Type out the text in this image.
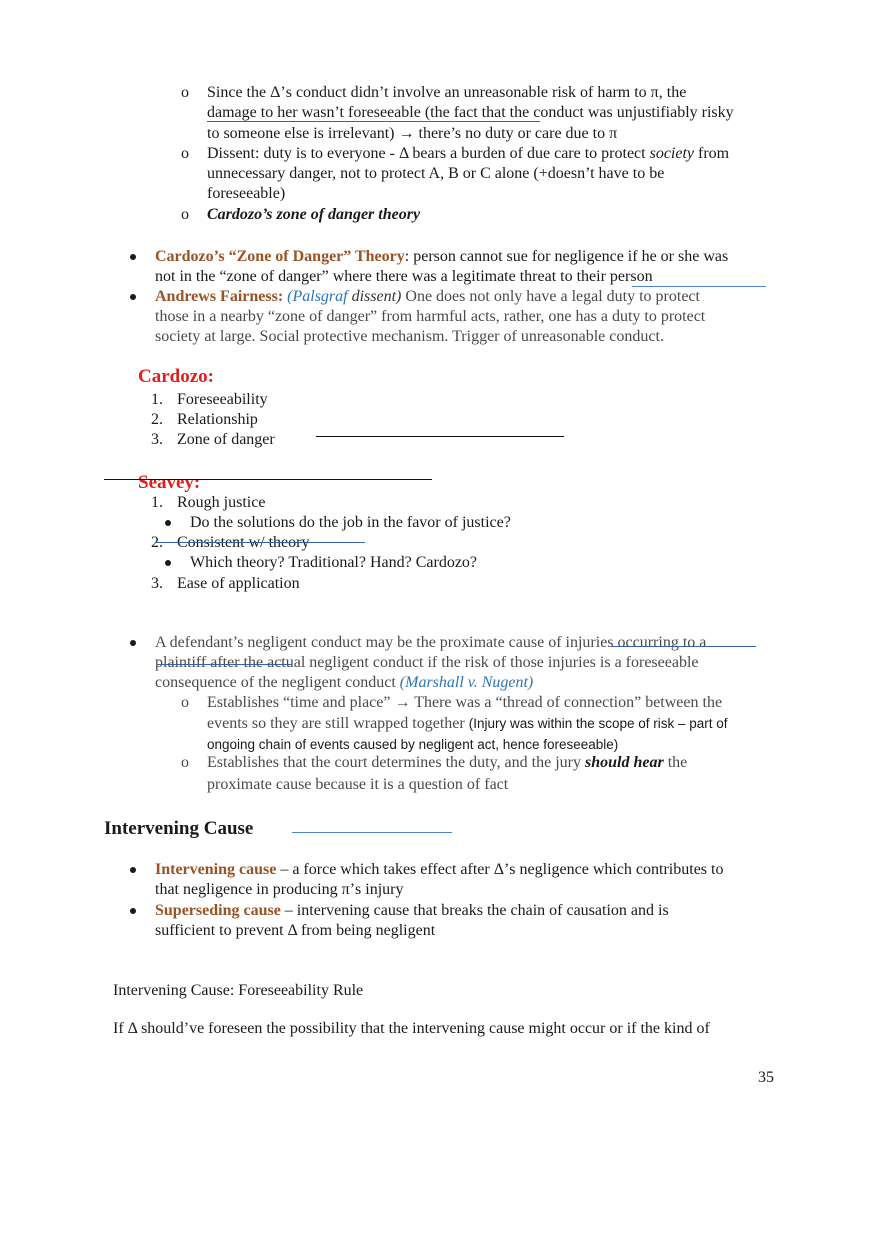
o Since the Δ’s conduct didn’t involve an unreasonable risk of harm to π, the
damage to her wasn’t foreseeable (the fact that the conduct was unjustifiably risky
to someone else is irrelevant) → there’s no duty or care due to π
o Dissent: duty is to everyone - Δ bears a burden of due care to protect society from
unnecessary danger, not to protect A, B or C alone (+doesn’t have to be
foreseeable)
o Cardozo’s zone of danger theory
Cardozo’s “Zone of Danger” Theory: person cannot sue for negligence if he or she was
not in the “zone of danger” where there was a legitimate threat to their person
Andrews Fairness: (Palsgraf dissent) One does not only have a legal duty to protect
those in a nearby “zone of danger” from harmful acts, rather, one has a duty to protect
society at large. Social protective mechanism. Trigger of unreasonable conduct.
Cardozo:
1. Foreseeability
2. Relationship
3. Zone of danger
Seavey:
1. Rough justice
Do the solutions do the job in the favor of justice?
2. Consistent w/ theory
Which theory? Traditional? Hand? Cardozo?
3. Ease of application
A defendant’s negligent conduct may be the proximate cause of injuries occurring to a
plaintiff after the actual negligent conduct if the risk of those injuries is a foreseeable
consequence of the negligent conduct (Marshall v. Nugent)
o Establishes “time and place” → There was a “thread of connection” between the
events so they are still wrapped together (Injury was within the scope of risk – part of
ongoing chain of events caused by negligent act, hence foreseeable)
o Establishes that the court determines the duty, and the jury should hear the
proximate cause because it is a question of fact
Intervening Cause
Intervening cause – a force which takes effect after Δ’s negligence which contributes to
that negligence in producing π’s injury
Superseding cause – intervening cause that breaks the chain of causation and is
sufficient to prevent Δ from being negligent
Intervening Cause: Foreseeability Rule
If Δ should’ve foreseen the possibility that the intervening cause might occur or if the kind of
35
